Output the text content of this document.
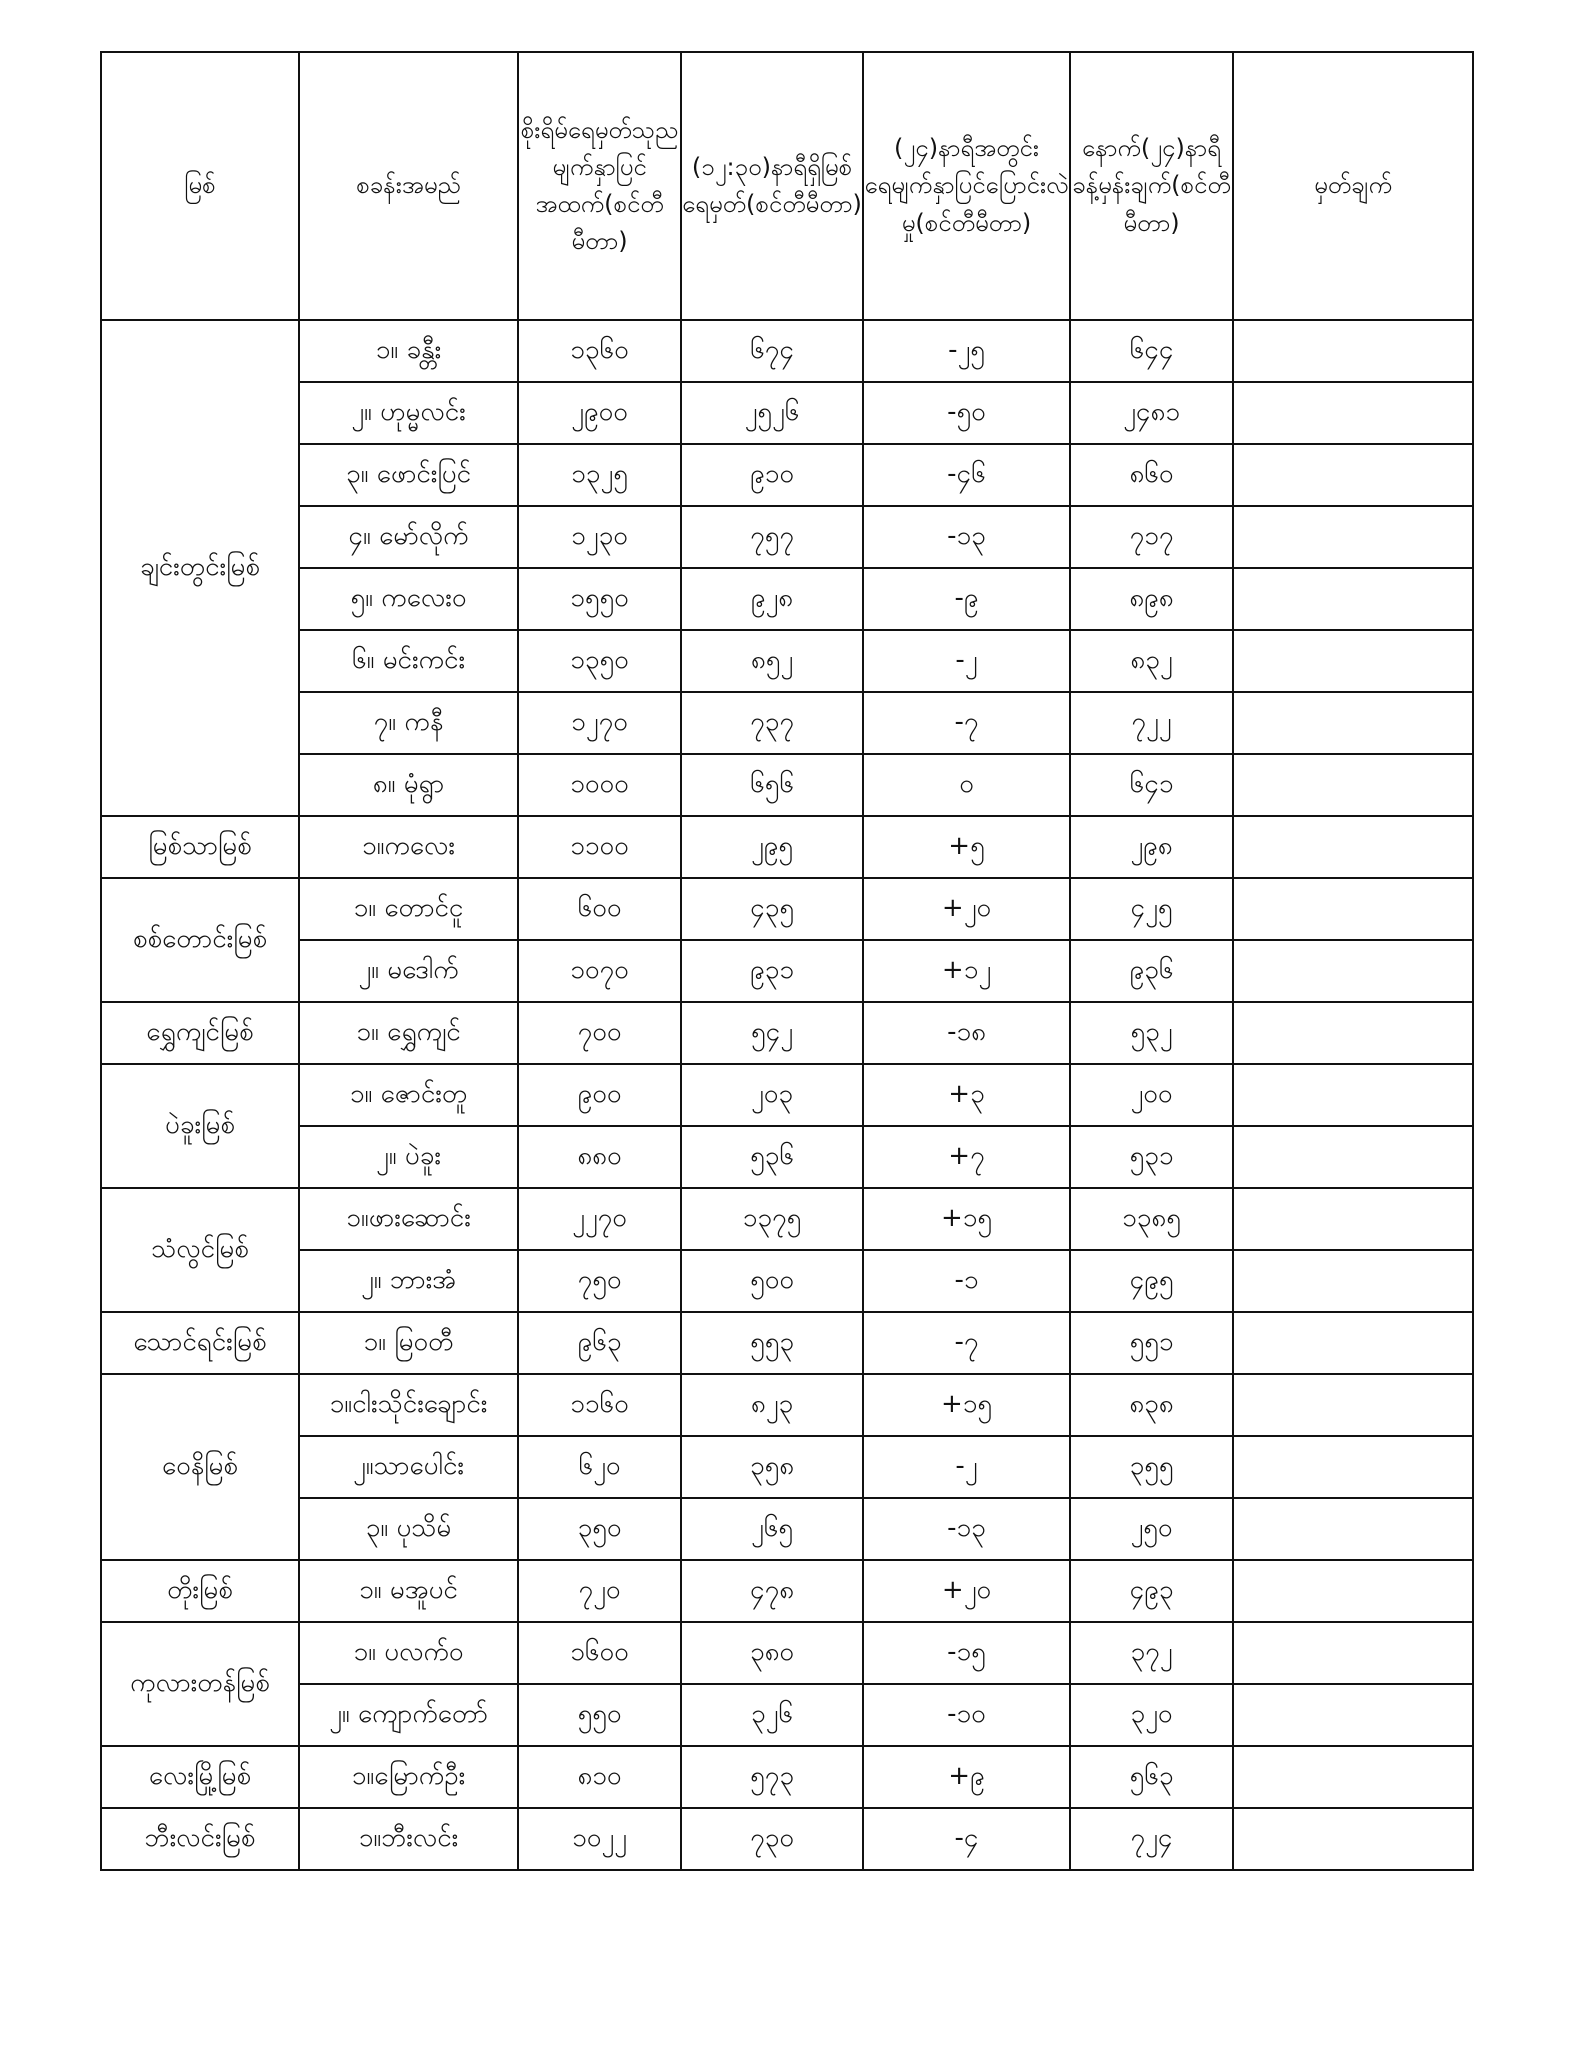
မြစ်	စခန်းအမည်	စိုးရိမ်ရေမှတ်သုညမျက်နှာပြင်အထက်(စင်တီမီတာ)	(၁၂:၃၀)နာရီရှိမြစ်ရေမှတ်(စင်တီမီတာ)	(၂၄)နာရီအတွင်းရေမျက်နှာပြင်ပြောင်းလဲမှု(စင်တီမီတာ)	နောက်(၂၄)နာရီခန့်မှန်းချက်(စင်တီမီတာ)	မှတ်ချက်
ချင်းတွင်းမြစ်	၁။ ခန္တီး	၁၃၆၀	၆၇၄	-၂၅	၆၄၄	
	၂။ ဟုမ္မလင်း	၂၉၀၀	၂၅၂၆	-၅၀	၂၄၈၁	
	၃။ ဖောင်းပြင်	၁၃၂၅	၉၁၀	-၄၆	၈၆၀	
	၄။ မော်လိုက်	၁၂၃၀	၇၅၇	-၁၃	၇၁၇	
	၅။ ကလေးဝ	၁၅၅၀	၉၂၈	-၉	၈၉၈	
	၆။ မင်းကင်း	၁၃၅၀	၈၅၂	-၂	၈၃၂	
	၇။ ကနီ	၁၂၇၀	၇၃၇	-၇	၇၂၂	
	၈။ မုံရွာ	၁၀၀၀	၆၅၆	၀	၆၄၁	
မြစ်သာမြစ်	၁။ကလေး	၁၁၀၀	၂၉၅	+၅	၂၉၈	
စစ်တောင်းမြစ်	၁။ တောင်ငူ	၆၀၀	၄၃၅	+၂၀	၄၂၅	
	၂။ မဒေါက်	၁၀၇၀	၉၃၁	+၁၂	၉၃၆	
ရွှေကျင်မြစ်	၁။ ရွှေကျင်	၇၀၀	၅၄၂	-၁၈	၅၃၂	
ပဲခူးမြစ်	၁။ ဇောင်းတူ	၉၀၀	၂၀၃	+၃	၂၀၀	
	၂။ ပဲခူး	၈၈၀	၅၃၆	+၇	၅၃၁	
သံလွင်မြစ်	၁။ဖားဆောင်း	၂၂၇၀	၁၃၇၅	+၁၅	၁၃၈၅	
	၂။ ဘားအံ	၇၅၀	၅၀၀	-၁	၄၉၅	
သောင်ရင်းမြစ်	၁။ မြဝတီ	၉၆၃	၅၅၃	-၇	၅၅၁	
ဝေနိမြစ်	၁။ငါးသိုင်းချောင်း	၁၁၆၀	၈၂၃	+၁၅	၈၃၈	
	၂။သာပေါင်း	၆၂၀	၃၅၈	-၂	၃၅၅	
	၃။ ပုသိမ်	၃၅၀	၂၆၅	-၁၃	၂၅၀	
တိုးမြစ်	၁။ မအူပင်	၇၂၀	၄၇၈	+၂၀	၄၉၃	
ကုလားတန်မြစ်	၁။ ပလက်ဝ	၁၆၀၀	၃၈၀	-၁၅	၃၇၂	
	၂။ ကျောက်တော်	၅၅၀	၃၂၆	-၁၀	၃၂၀	
လေးမြို့မြစ်	၁။မြောက်ဦး	၈၁၀	၅၇၃	+၉	၅၆၃	
ဘီးလင်းမြစ်	၁။ဘီးလင်း	၁၀၂၂	၇၃၀	-၄	၇၂၄	
